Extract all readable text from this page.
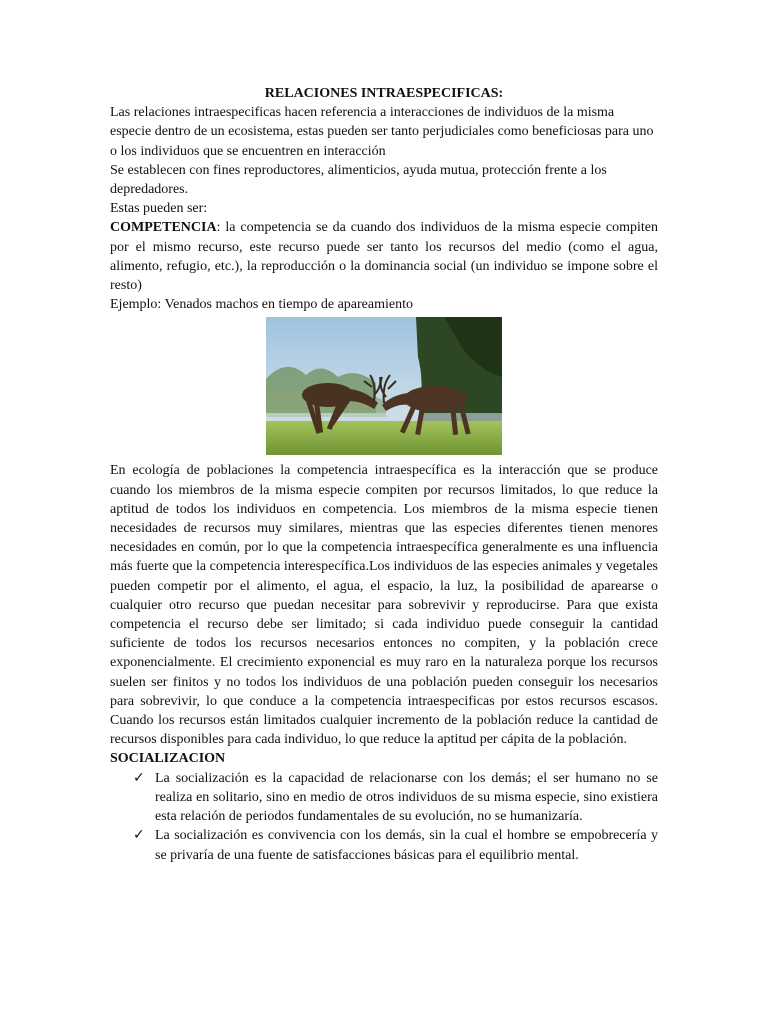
RELACIONES INTRAESPECIFICAS:

Las relaciones intraespecificas hacen referencia a interacciones de individuos de la misma especie dentro de un ecosistema, estas pueden ser tanto perjudiciales como beneficiosas para uno o los individuos que se encuentren en interacción

Se establecen con fines reproductores, alimenticios, ayuda mutua, protección frente a los depredadores.

Estas pueden ser:

COMPETENCIA: la competencia se da cuando dos individuos de la misma especie compiten por el mismo recurso, este recurso puede ser tanto los recursos del medio (como el agua, alimento, refugio, etc.), la reproducción o la dominancia social (un individuo se impone sobre el resto)

Ejemplo: Venados machos en tiempo de apareamiento

En ecología de poblaciones la competencia intraespecífica es la interacción que se produce cuando los miembros de la misma especie compiten por recursos limitados, lo que reduce la aptitud de todos los individuos en competencia. Los miembros de la misma especie tienen necesidades de recursos muy similares, mientras que las especies diferentes tienen menores necesidades en común, por lo que la competencia intraespecífica generalmente es una influencia más fuerte que la competencia interespecífica.Los individuos de las especies animales y vegetales pueden competir por el alimento, el agua, el espacio, la luz, la posibilidad de aparearse o cualquier otro recurso que puedan necesitar para sobrevivir y reproducirse. Para que exista competencia el recurso debe ser limitado; si cada individuo puede conseguir la cantidad suficiente de todos los recursos necesarios entonces no compiten, y la población crece exponencialmente. El crecimiento exponencial es muy raro en la naturaleza porque los recursos suelen ser finitos y no todos los individuos de una población pueden conseguir los necesarios para sobrevivir, lo que conduce a la competencia intraespecificas por estos recursos escasos. Cuando los recursos están limitados cualquier incremento de la población reduce la cantidad de recursos disponibles para cada individuo, lo que reduce la aptitud per cápita de la población.

SOCIALIZACION

✓ La socialización es la capacidad de relacionarse con los demás; el ser humano no se realiza en solitario, sino en medio de otros individuos de su misma especie, sino existiera esta relación de periodos fundamentales de su evolución, no se humanizaría.
✓ La socialización es convivencia con los demás, sin la cual el hombre se empobrecería y se privaría de una fuente de satisfacciones básicas para el equilibrio mental.
